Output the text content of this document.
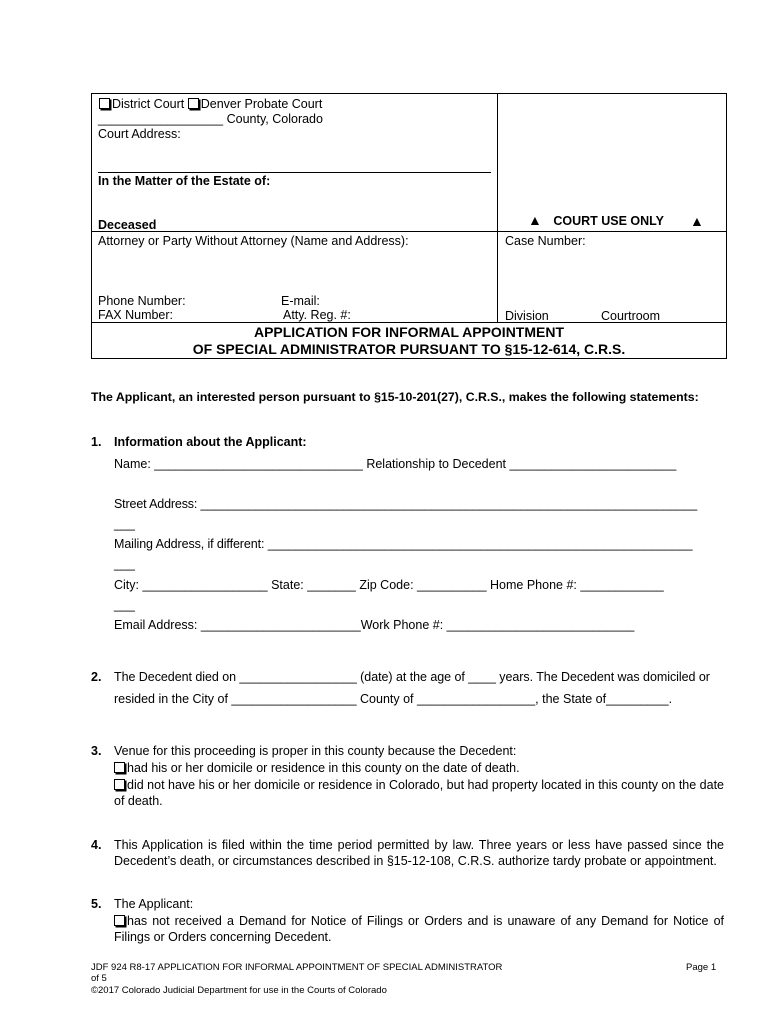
District Court Denver Probate Court
__________________ County, Colorado
Court Address:
In the Matter of the Estate of:
Deceased	▲ COURT USE ONLY ▲
Attorney or Party Without Attorney (Name and Address):	Case Number:
Phone Number:	E-mail:
FAX Number:	Atty. Reg. #:	Division	Courtroom
APPLICATION FOR INFORMAL APPOINTMENT
OF SPECIAL ADMINISTRATOR PURSUANT TO §15-12-614, C.R.S.
The Applicant, an interested person pursuant to §15-10-201(27), C.R.S., makes the following statements:
1. Information about the Applicant:
Name: ______________________________ Relationship to Decedent ________________________
Street Address: _________________________________________________________________________
___
Mailing Address, if different: ______________________________________________________________
___
City: __________________ State: _______ Zip Code: __________ Home Phone #: ____________
___
Email Address: _______________________Work Phone #: ___________________________
2. The Decedent died on _________________ (date) at the age of ____ years. The Decedent was domiciled or
resided in the City of __________________ County of _________________, the State of_________.
3. Venue for this proceeding is proper in this county because the Decedent:
had his or her domicile or residence in this county on the date of death.
did not have his or her domicile or residence in Colorado, but had property located in this county on the date of death.
4. This Application is filed within the time period permitted by law. Three years or less have passed since the Decedent’s death, or circumstances described in §15-12-108, C.R.S. authorize tardy probate or appointment.
5. The Applicant:
has not received a Demand for Notice of Filings or Orders and is unaware of any Demand for Notice of Filings or Orders concerning Decedent.
JDF 924 R8-17 APPLICATION FOR INFORMAL APPOINTMENT OF SPECIAL ADMINISTRATOR	Page 1
of 5
©2017 Colorado Judicial Department for use in the Courts of Colorado
